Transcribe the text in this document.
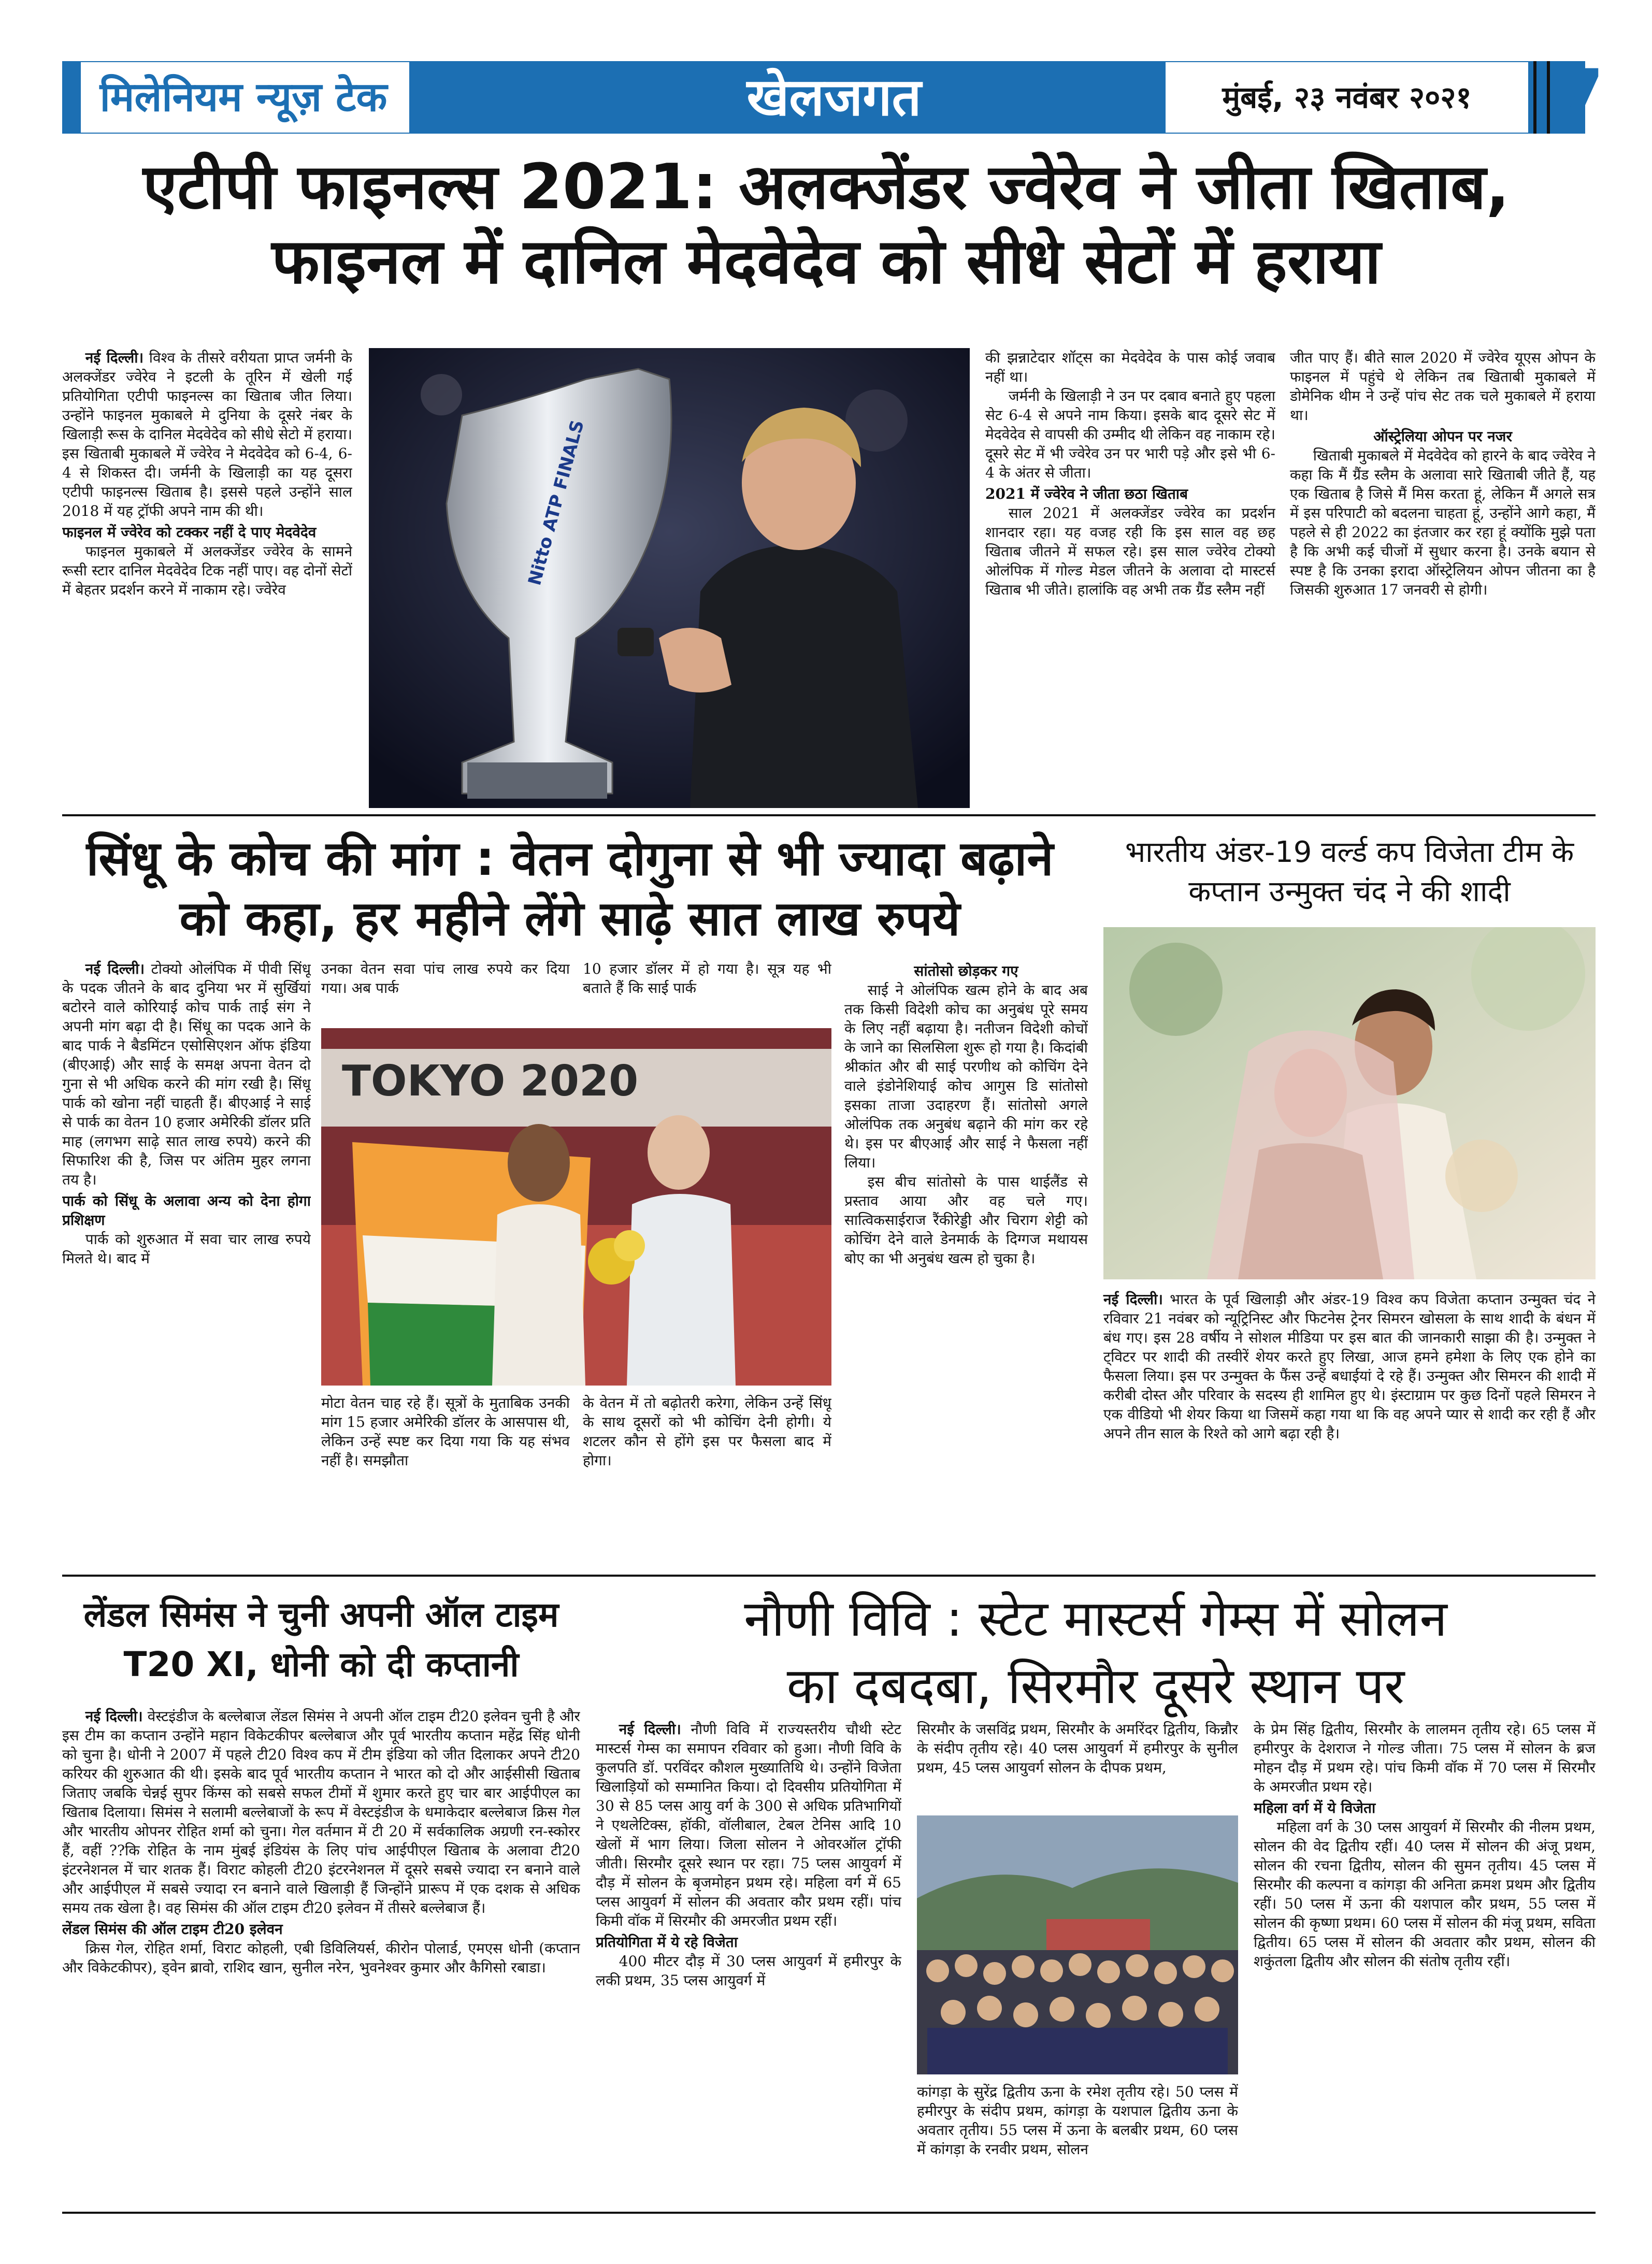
मिलेनियम न्यूज़ टेक	खेलजगत	मुंबई, २३ नवंबर २०२१	7
एटीपी फाइनल्स 2021: अलक्जेंडर ज्वेरेव ने जीता खिताब,
फाइनल में दानिल मेदवेदेव को सीधे सेटों में हराया

नई दिल्ली। विश्व के तीसरे वरीयता प्राप्त जर्मनी के अलक्जेंडर ज्वेरेव ने इटली के तूरिन में खेली गई प्रतियोगिता एटीपी फाइनल्स का खिताब जीत लिया। उन्होंने फाइनल मुकाबले मे दुनिया के दूसरे नंबर के खिलाड़ी रूस के दानिल मेदवेदेव को सीधे सेटो में हराया। इस खिताबी मुकाबले में ज्वेरेव ने मेदवेदेव को 6-4, 6-4 से शिकस्त दी। जर्मनी के खिलाड़ी का यह दूसरा एटीपी फाइनल्स खिताब है। इससे पहले उन्होंने साल 2018 में यह ट्रॉफी अपने नाम की थी।

फाइनल में ज्वेरेव को टक्कर नहीं दे पाए मेदवेदेव

फाइनल मुकाबले में अलक्जेंडर ज्वेरेव के सामने रूसी स्टार दानिल मेदवेदेव टिक नहीं पाए। वह दोनों सेटों में बेहतर प्रदर्शन करने में नाकाम रहे। ज्वेरेव

Nitto ATP FINALS

की झन्नाटेदार शॉट्स का मेदवेदेव के पास कोई जवाब नहीं था।

जर्मनी के खिलाड़ी ने उन पर दबाव बनाते हुए पहला सेट 6-4 से अपने नाम किया। इसके बाद दूसरे सेट में मेदवेदेव से वापसी की उम्मीद थी लेकिन वह नाकाम रहे। दूसरे सेट में भी ज्वेरेव उन पर भारी पड़े और इसे भी 6-4 के अंतर से जीता।

2021 में ज्वेरेव ने जीता छठा खिताब

साल 2021 में अलक्जेंडर ज्वेरेव का प्रदर्शन शानदार रहा। यह वजह रही कि इस साल वह छह खिताब जीतने में सफल रहे। इस साल ज्वेरेव टोक्यो ओलंपिक में गोल्ड मेडल जीतने के अलावा दो मास्टर्स खिताब भी जीते। हालांकि वह अभी तक ग्रैंड स्लैम नहीं

जीत पाए हैं। बीते साल 2020 में ज्वेरेव यूएस ओपन के फाइनल में पहुंचे थे लेकिन तब खिताबी मुकाबले में डोमेनिक थीम ने उन्हें पांच सेट तक चले मुकाबले में हराया था।

ऑस्ट्रेलिया ओपन पर नजर

खिताबी मुकाबले में मेदवेदेव को हारने के बाद ज्वेरेव ने कहा कि मैं ग्रैंड स्लैम के अलावा सारे खिताबी जीते हैं, यह एक खिताब है जिसे मैं मिस करता हूं, लेकिन मैं अगले सत्र में इस परिपाटी को बदलना चाहता हूं, उन्होंने आगे कहा, मैं पहले से ही 2022 का इंतजार कर रहा हूं क्योंकि मुझे पता है कि अभी कई चीजों में सुधार करना है। उनके बयान से स्पष्ट है कि उनका इरादा ऑस्ट्रेलियन ओपन जीतना का है जिसकी शुरुआत 17 जनवरी से होगी।

सिंधू के कोच की मांग : वेतन दोगुना से भी ज्यादा बढ़ाने
को कहा, हर महीने लेंगे साढ़े सात लाख रुपये

नई दिल्ली। टोक्यो ओलंपिक में पीवी सिंधू के पदक जीतने के बाद दुनिया भर में सुर्खियां बटोरने वाले कोरियाई कोच पार्क ताई संग ने अपनी मांग बढ़ा दी है। सिंधू का पदक आने के बाद पार्क ने बैडमिंटन एसोसिएशन ऑफ इंडिया (बीएआई) और साई के समक्ष अपना वेतन दो गुना से भी अधिक करने की मांग रखी है। सिंधू पार्क को खोना नहीं चाहती हैं। बीएआई ने साई से पार्क का वेतन 10 हजार अमेरिकी डॉलर प्रति माह (लगभग साढ़े सात लाख रुपये) करने की सिफारिश की है, जिस पर अंतिम मुहर लगना तय है।

पार्क को सिंधू के अलावा अन्य को देना होगा प्रशिक्षण

पार्क को शुरुआत में सवा चार लाख रुपये मिलते थे। बाद में

उनका वेतन सवा पांच लाख रुपये कर दिया गया। अब पार्क
10 हजार डॉलर में हो गया है। सूत्र यह भी बताते हैं कि साई पार्क
TOKYO 2020
मोटा वेतन चाह रहे हैं। सूत्रों के मुताबिक उनकी मांग 15 हजार अमेरिकी डॉलर के आसपास थी, लेकिन उन्हें स्पष्ट कर दिया गया कि यह संभव नहीं है। समझौता
के वेतन में तो बढ़ोतरी करेगा, लेकिन उन्हें सिंधू के साथ दूसरों को भी कोचिंग देनी होगी। ये शटलर कौन से होंगे इस पर फैसला बाद में होगा।

सांतोसो छोड़कर गए

साई ने ओलंपिक खत्म होने के बाद अब तक किसी विदेशी कोच का अनुबंध पूरे समय के लिए नहीं बढ़ाया है। नतीजन विदेशी कोचों के जाने का सिलसिला शुरू हो गया है। किदांबी श्रीकांत और बी साई परणीथ को कोचिंग देने वाले इंडोनेशियाई कोच आगुस डि सांतोसो इसका ताजा उदाहरण हैं। सांतोसो अगले ओलंपिक तक अनुबंध बढ़ाने की मांग कर रहे थे। इस पर बीएआई और साई ने फैसला नहीं लिया।

इस बीच सांतोसो के पास थाईलैंड से प्रस्ताव आया और वह चले गए। सात्विकसाईराज रैंकीरेड्डी और चिराग शेट्टी को कोचिंग देने वाले डेनमार्क के दिग्गज मथायस बोए का भी अनुबंध खत्म हो चुका है।

भारतीय अंडर-19 वर्ल्ड कप विजेता टीम के
कप्तान उन्मुक्त चंद ने की शादी
नई दिल्ली। भारत के पूर्व खिलाड़ी और अंडर-19 विश्व कप विजेता कप्तान उन्मुक्त चंद ने रविवार 21 नवंबर को न्यूट्रिनिस्ट और फिटनेस ट्रेनर सिमरन खोसला के साथ शादी के बंधन में बंध गए। इस 28 वर्षीय ने सोशल मीडिया पर इस बात की जानकारी साझा की है। उन्मुक्त ने ट्विटर पर शादी की तस्वीरें शेयर करते हुए लिखा, आज हमने हमेशा के लिए एक होने का फैसला लिया। इस पर उन्मुक्त के फैंस उन्हें बधाईयां दे रहे हैं। उन्मुक्त और सिमरन की शादी में करीबी दोस्त और परिवार के सदस्य ही शामिल हुए थे। इंस्टाग्राम पर कुछ दिनों पहले सिमरन ने एक वीडियो भी शेयर किया था जिसमें कहा गया था कि वह अपने प्यार से शादी कर रही हैं और अपने तीन साल के रिश्ते को आगे बढ़ा रही है।
लेंडल सिमंस ने चुनी अपनी ऑल टाइम
T20 XI, धोनी को दी कप्तानी

नई दिल्ली। वेस्टइंडीज के बल्लेबाज लेंडल सिमंस ने अपनी ऑल टाइम टी20 इलेवन चुनी है और इस टीम का कप्तान उन्होंने महान विकेटकीपर बल्लेबाज और पूर्व भारतीय कप्तान महेंद्र सिंह धोनी को चुना है। धोनी ने 2007 में पहले टी20 विश्व कप में टीम इंडिया को जीत दिलाकर अपने टी20 करियर की शुरुआत की थी। इसके बाद पूर्व भारतीय कप्तान ने भारत को दो और आईसीसी खिताब जिताए जबकि चेन्नई सुपर किंग्स को सबसे सफल टीमों में शुमार करते हुए चार बार आईपीएल का खिताब दिलाया। सिमंस ने सलामी बल्लेबाजों के रूप में वेस्टइंडीज के धमाकेदार बल्लेबाज क्रिस गेल और भारतीय ओपनर रोहित शर्मा को चुना। गेल वर्तमान में टी 20 में सर्वकालिक अग्रणी रन-स्कोरर हैं, वहीं ??कि रोहित के नाम मुंबई इंडियंस के लिए पांच आईपीएल खिताब के अलावा टी20 इंटरनेशनल में चार शतक हैं। विराट कोहली टी20 इंटरनेशनल में दूसरे सबसे ज्यादा रन बनाने वाले और आईपीएल में सबसे ज्यादा रन बनाने वाले खिलाड़ी हैं जिन्होंने प्रारूप में एक दशक से अधिक समय तक खेला है। वह सिमंस की ऑल टाइम टी20 इलेवन में तीसरे बल्लेबाज हैं।

लेंडल सिमंस की ऑल टाइम टी20 इलेवन

क्रिस गेल, रोहित शर्मा, विराट कोहली, एबी डिविलियर्स, कीरोन पोलार्ड, एमएस धोनी (कप्तान और विकेटकीपर), ड्वेन ब्रावो, राशिद खान, सुनील नरेन, भुवनेश्वर कुमार और कैगिसो रबाडा।

नौणी विवि : स्टेट मास्टर्स गेम्स में सोलन
का दबदबा, सिरमौर दूसरे स्थान पर

नई दिल्ली। नौणी विवि में राज्यस्तरीय चौथी स्टेट मास्टर्स गेम्स का समापन रविवार को हुआ। नौणी विवि के कुलपति डॉ. परविंदर कौशल मुख्यातिथि थे। उन्होंने विजेता खिलाड़ियों को सम्मानित किया। दो दिवसीय प्रतियोगिता में 30 से 85 प्लस आयु वर्ग के 300 से अधिक प्रतिभागियों ने एथलेटिक्स, हॉकी, वॉलीबाल, टेबल टेनिस आदि 10 खेलों में भाग लिया। जिला सोलन ने ओवरऑल ट्रॉफी जीती। सिरमौर दूसरे स्थान पर रहा। 75 प्लस आयुवर्ग में दौड़ में सोलन के बृजमोहन प्रथम रहे। महिला वर्ग में 65 प्लस आयुवर्ग में सोलन की अवतार कौर प्रथम रहीं। पांच किमी वॉक में सिरमौर की अमरजीत प्रथम रहीं।

प्रतियोगिता में ये रहे विजेता

400 मीटर दौड़ में 30 प्लस आयुवर्ग में हमीरपुर के लकी प्रथम, 35 प्लस आयुवर्ग में

सिरमौर के जसविंद्र प्रथम, सिरमौर के अमरिंदर द्वितीय, किन्नौर के संदीप तृतीय रहे। 40 प्लस आयुवर्ग में हमीरपुर के सुनील प्रथम, 45 प्लस आयुवर्ग सोलन के दीपक प्रथम,
कांगड़ा के सुरेंद्र द्वितीय ऊना के रमेश तृतीय रहे। 50 प्लस में हमीरपुर के संदीप प्रथम, कांगड़ा के यशपाल द्वितीय ऊना के अवतार तृतीय। 55 प्लस में ऊना के बलबीर प्रथम, 60 प्लस में कांगड़ा के रनवीर प्रथम, सोलन

के प्रेम सिंह द्वितीय, सिरमौर के लालमन तृतीय रहे। 65 प्लस में हमीरपुर के देशराज ने गोल्ड जीता। 75 प्लस में सोलन के ब्रज मोहन दौड़ में प्रथम रहे। पांच किमी वॉक में 70 प्लस में सिरमौर के अमरजीत प्रथम रहे।

महिला वर्ग में ये विजेता

महिला वर्ग के 30 प्लस आयुवर्ग में सिरमौर की नीलम प्रथम, सोलन की वेद द्वितीय रहीं। 40 प्लस में सोलन की अंजू प्रथम, सोलन की रचना द्वितीय, सोलन की सुमन तृतीय। 45 प्लस में सिरमौर की कल्पना व कांगड़ा की अनिता क्रमश प्रथम और द्वितीय रहीं। 50 प्लस में ऊना की यशपाल कौर प्रथम, 55 प्लस में सोलन की कृष्णा प्रथम। 60 प्लस में सोलन की मंजू प्रथम, सविता द्वितीय। 65 प्लस में सोलन की अवतार कौर प्रथम, सोलन की शकुंतला द्वितीय और सोलन की संतोष तृतीय रहीं।
